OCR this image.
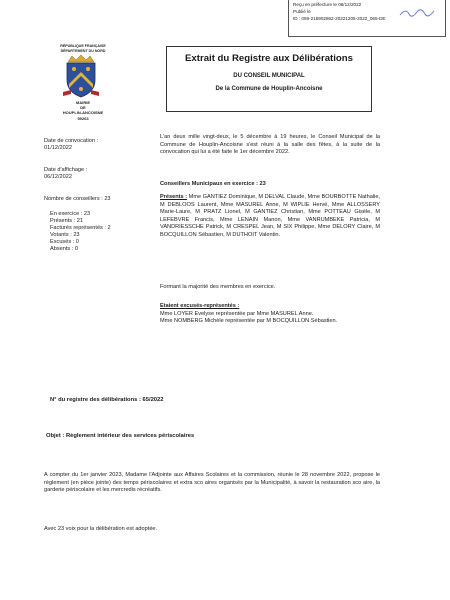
Reçu en préfecture le 06/12/2022
Publié le
ID : 059-215902862-20221205-2022_065-DE
RÉPUBLIQUE FRANÇAISE DÉPARTEMENT DU NORD
MAIRIE
DE
HOUPLIN-ANCOISNE
59263
Extrait du Registre aux Délibérations
DU CONSEIL MUNICIPAL
De la Commune de Houplin-Ancoisne
Date de convocation :
01/12/2022
Date d'affichage :
06/12/2022
Nombre de conseillers : 23
En exercice : 23
Présents : 21
Facturés représentés : 2
Votants : 23
Excusés : 0
Absents : 0
L'an deux mille vingt-deux, le 5 décembre à 19 heures, le Conseil Municipal de la Commune de Houplin-Ancoisne s'est réuni à la salle des fêtes, à la suite de la convocation qui lui a été faite le 1er décembre 2022.
Conseillers Municipaux en exercice : 23
Présents : Mme GANTIEZ Dominique, M DELVAL Claude, Mme BOURBOTTE Nathalie, M DEBLOOS Laurent, Mme MASUREL Anne, M WIPLIE Hervé, Mme ALLOSSERY Marie-Laure, M PRATZ Lionel, M GANTIEZ Christian, Mme POTTEAU Gisèle, M LEFEBVRE Francis, Mme LENAIN Manon, Mme VANRUMBEKE Patricia, M VANDRIESSCHE Patrick, M CRESPEL Jean, M SIX Philippe, Mme DELORY Claire, M BOCQUILLON Sébastien, M DUTHOIT Valentin.
Formant la majorité des membres en exercice.
Etaient excusés-représentés :
Mme LOYER Evelyse représentée par Mme MASUREL Anne.
Mme NOMBERG Michèle représentée par M BOCQUILLON Sébastien.
N° du registre des délibérations : 65/2022
Objet : Règlement intérieur des services périscolaires
A compter du 1er janvier 2023, Madame l'Adjointe aux Affaires Scolaires et la commission, réunie le 28 novembre 2022, propose le règlement (en pièce jointe) des temps périscolaires et extra sco aires organisés par la Municipalité, à savoir la restauration sco aire, la garderie périscolaire et les mercredis récréatifs.
Avec 23 voix pour la délibération est adoptée.
